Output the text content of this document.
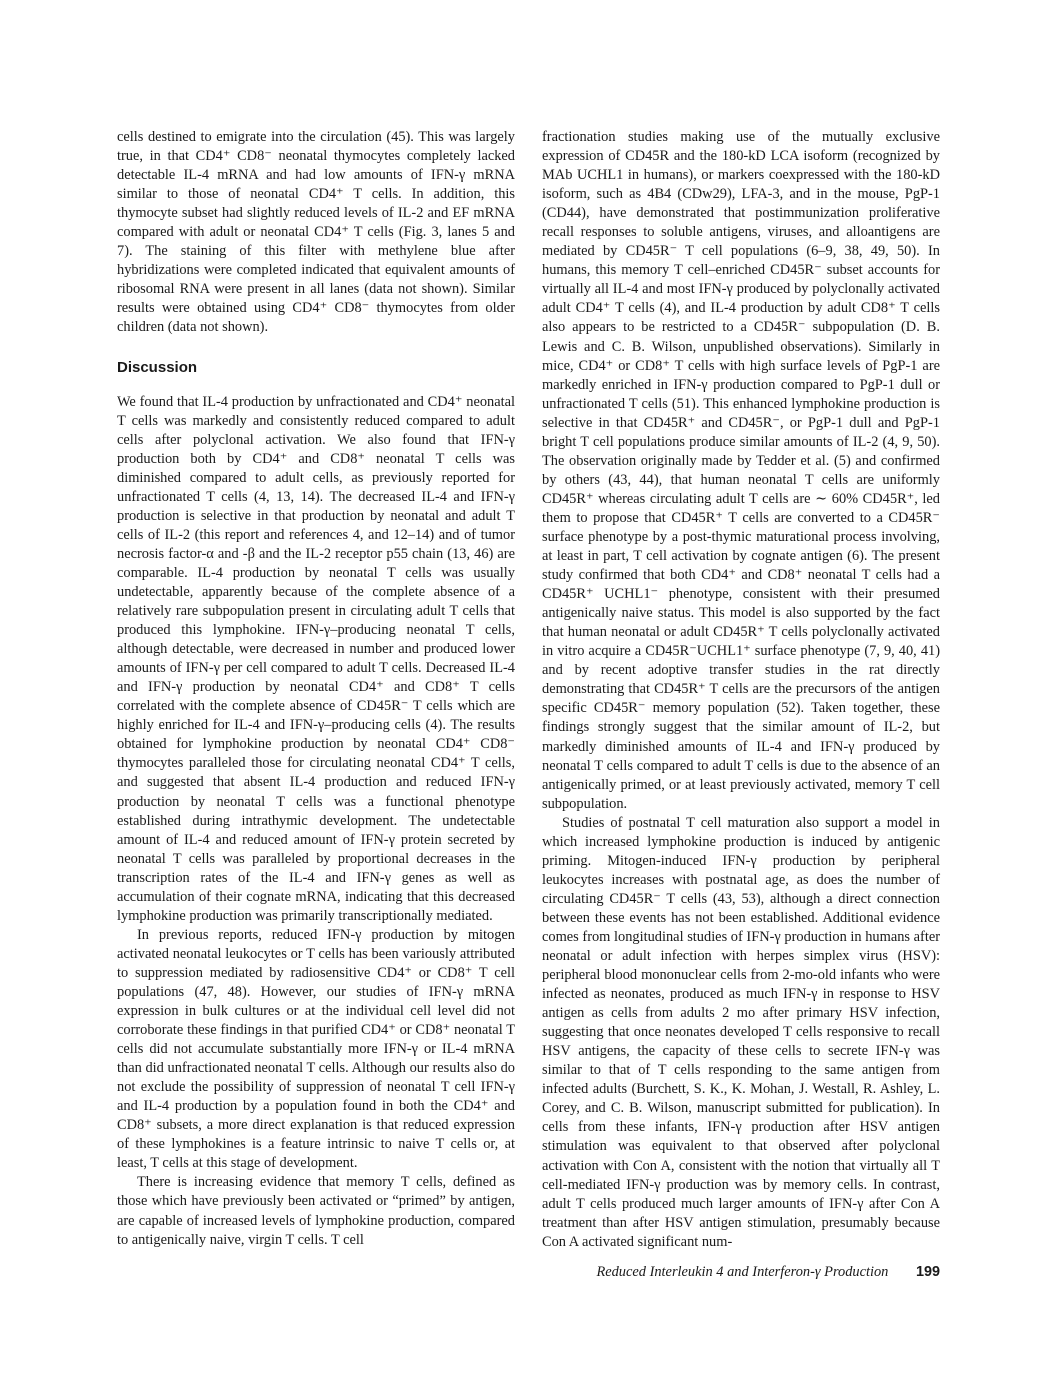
cells destined to emigrate into the circulation (45). This was largely true, in that CD4⁺ CD8⁻ neonatal thymocytes completely lacked detectable IL-4 mRNA and had low amounts of IFN-γ mRNA similar to those of neonatal CD4⁺ T cells. In addition, this thymocyte subset had slightly reduced levels of IL-2 and EF mRNA compared with adult or neonatal CD4⁺ T cells (Fig. 3, lanes 5 and 7). The staining of this filter with methylene blue after hybridizations were completed indicated that equivalent amounts of ribosomal RNA were present in all lanes (data not shown). Similar results were obtained using CD4⁺ CD8⁻ thymocytes from older children (data not shown).

Discussion

We found that IL-4 production by unfractionated and CD4⁺ neonatal T cells was markedly and consistently reduced compared to adult cells after polyclonal activation. We also found that IFN-γ production both by CD4⁺ and CD8⁺ neonatal T cells was diminished compared to adult cells, as previously reported for unfractionated T cells (4, 13, 14). The decreased IL-4 and IFN-γ production is selective in that production by neonatal and adult T cells of IL-2 (this report and references 4, and 12–14) and of tumor necrosis factor-α and -β and the IL-2 receptor p55 chain (13, 46) are comparable. IL-4 production by neonatal T cells was usually undetectable, apparently because of the complete absence of a relatively rare subpopulation present in circulating adult T cells that produced this lymphokine. IFN-γ–producing neonatal T cells, although detectable, were decreased in number and produced lower amounts of IFN-γ per cell compared to adult T cells. Decreased IL-4 and IFN-γ production by neonatal CD4⁺ and CD8⁺ T cells correlated with the complete absence of CD45R⁻ T cells which are highly enriched for IL-4 and IFN-γ–producing cells (4). The results obtained for lymphokine production by neonatal CD4⁺ CD8⁻ thymocytes paralleled those for circulating neonatal CD4⁺ T cells, and suggested that absent IL-4 production and reduced IFN-γ production by neonatal T cells was a functional phenotype established during intrathymic development. The undetectable amount of IL-4 and reduced amount of IFN-γ protein secreted by neonatal T cells was paralleled by proportional decreases in the transcription rates of the IL-4 and IFN-γ genes as well as accumulation of their cognate mRNA, indicating that this decreased lymphokine production was primarily transcriptionally mediated.

In previous reports, reduced IFN-γ production by mitogen activated neonatal leukocytes or T cells has been variously attributed to suppression mediated by radiosensitive CD4⁺ or CD8⁺ T cell populations (47, 48). However, our studies of IFN-γ mRNA expression in bulk cultures or at the individual cell level did not corroborate these findings in that purified CD4⁺ or CD8⁺ neonatal T cells did not accumulate substantially more IFN-γ or IL-4 mRNA than did unfractionated neonatal T cells. Although our results also do not exclude the possibility of suppression of neonatal T cell IFN-γ and IL-4 production by a population found in both the CD4⁺ and CD8⁺ subsets, a more direct explanation is that reduced expression of these lymphokines is a feature intrinsic to naive T cells or, at least, T cells at this stage of development.

There is increasing evidence that memory T cells, defined as those which have previously been activated or “primed” by antigen, are capable of increased levels of lymphokine production, compared to antigenically naive, virgin T cells. T cell

fractionation studies making use of the mutually exclusive expression of CD45R and the 180-kD LCA isoform (recognized by MAb UCHL1 in humans), or markers coexpressed with the 180-kD isoform, such as 4B4 (CDw29), LFA-3, and in the mouse, PgP-1 (CD44), have demonstrated that postimmunization proliferative recall responses to soluble antigens, viruses, and alloantigens are mediated by CD45R⁻ T cell populations (6–9, 38, 49, 50). In humans, this memory T cell–enriched CD45R⁻ subset accounts for virtually all IL-4 and most IFN-γ produced by polyclonally activated adult CD4⁺ T cells (4), and IL-4 production by adult CD8⁺ T cells also appears to be restricted to a CD45R⁻ subpopulation (D. B. Lewis and C. B. Wilson, unpublished observations). Similarly in mice, CD4⁺ or CD8⁺ T cells with high surface levels of PgP-1 are markedly enriched in IFN-γ production compared to PgP-1 dull or unfractionated T cells (51). This enhanced lymphokine production is selective in that CD45R⁺ and CD45R⁻, or PgP-1 dull and PgP-1 bright T cell populations produce similar amounts of IL-2 (4, 9, 50). The observation originally made by Tedder et al. (5) and confirmed by others (43, 44), that human neonatal T cells are uniformly CD45R⁺ whereas circulating adult T cells are ∼ 60% CD45R⁺, led them to propose that CD45R⁺ T cells are converted to a CD45R⁻ surface phenotype by a post-thymic maturational process involving, at least in part, T cell activation by cognate antigen (6). The present study confirmed that both CD4⁺ and CD8⁺ neonatal T cells had a CD45R⁺ UCHL1⁻ phenotype, consistent with their presumed antigenically naive status. This model is also supported by the fact that human neonatal or adult CD45R⁺ T cells polyclonally activated in vitro acquire a CD45R⁻UCHL1⁺ surface phenotype (7, 9, 40, 41) and by recent adoptive transfer studies in the rat directly demonstrating that CD45R⁺ T cells are the precursors of the antigen specific CD45R⁻ memory population (52). Taken together, these findings strongly suggest that the similar amount of IL-2, but markedly diminished amounts of IL-4 and IFN-γ produced by neonatal T cells compared to adult T cells is due to the absence of an antigenically primed, or at least previously activated, memory T cell subpopulation.

Studies of postnatal T cell maturation also support a model in which increased lymphokine production is induced by antigenic priming. Mitogen-induced IFN-γ production by peripheral leukocytes increases with postnatal age, as does the number of circulating CD45R⁻ T cells (43, 53), although a direct connection between these events has not been established. Additional evidence comes from longitudinal studies of IFN-γ production in humans after neonatal or adult infection with herpes simplex virus (HSV): peripheral blood mononuclear cells from 2-mo-old infants who were infected as neonates, produced as much IFN-γ in response to HSV antigen as cells from adults 2 mo after primary HSV infection, suggesting that once neonates developed T cells responsive to recall HSV antigens, the capacity of these cells to secrete IFN-γ was similar to that of T cells responding to the same antigen from infected adults (Burchett, S. K., K. Mohan, J. Westall, R. Ashley, L. Corey, and C. B. Wilson, manuscript submitted for publication). In cells from these infants, IFN-γ production after HSV antigen stimulation was equivalent to that observed after polyclonal activation with Con A, consistent with the notion that virtually all T cell-mediated IFN-γ production was by memory cells. In contrast, adult T cells produced much larger amounts of IFN-γ after Con A treatment than after HSV antigen stimulation, presumably because Con A activated significant num-

Reduced Interleukin 4 and Interferon-γ Production 199
